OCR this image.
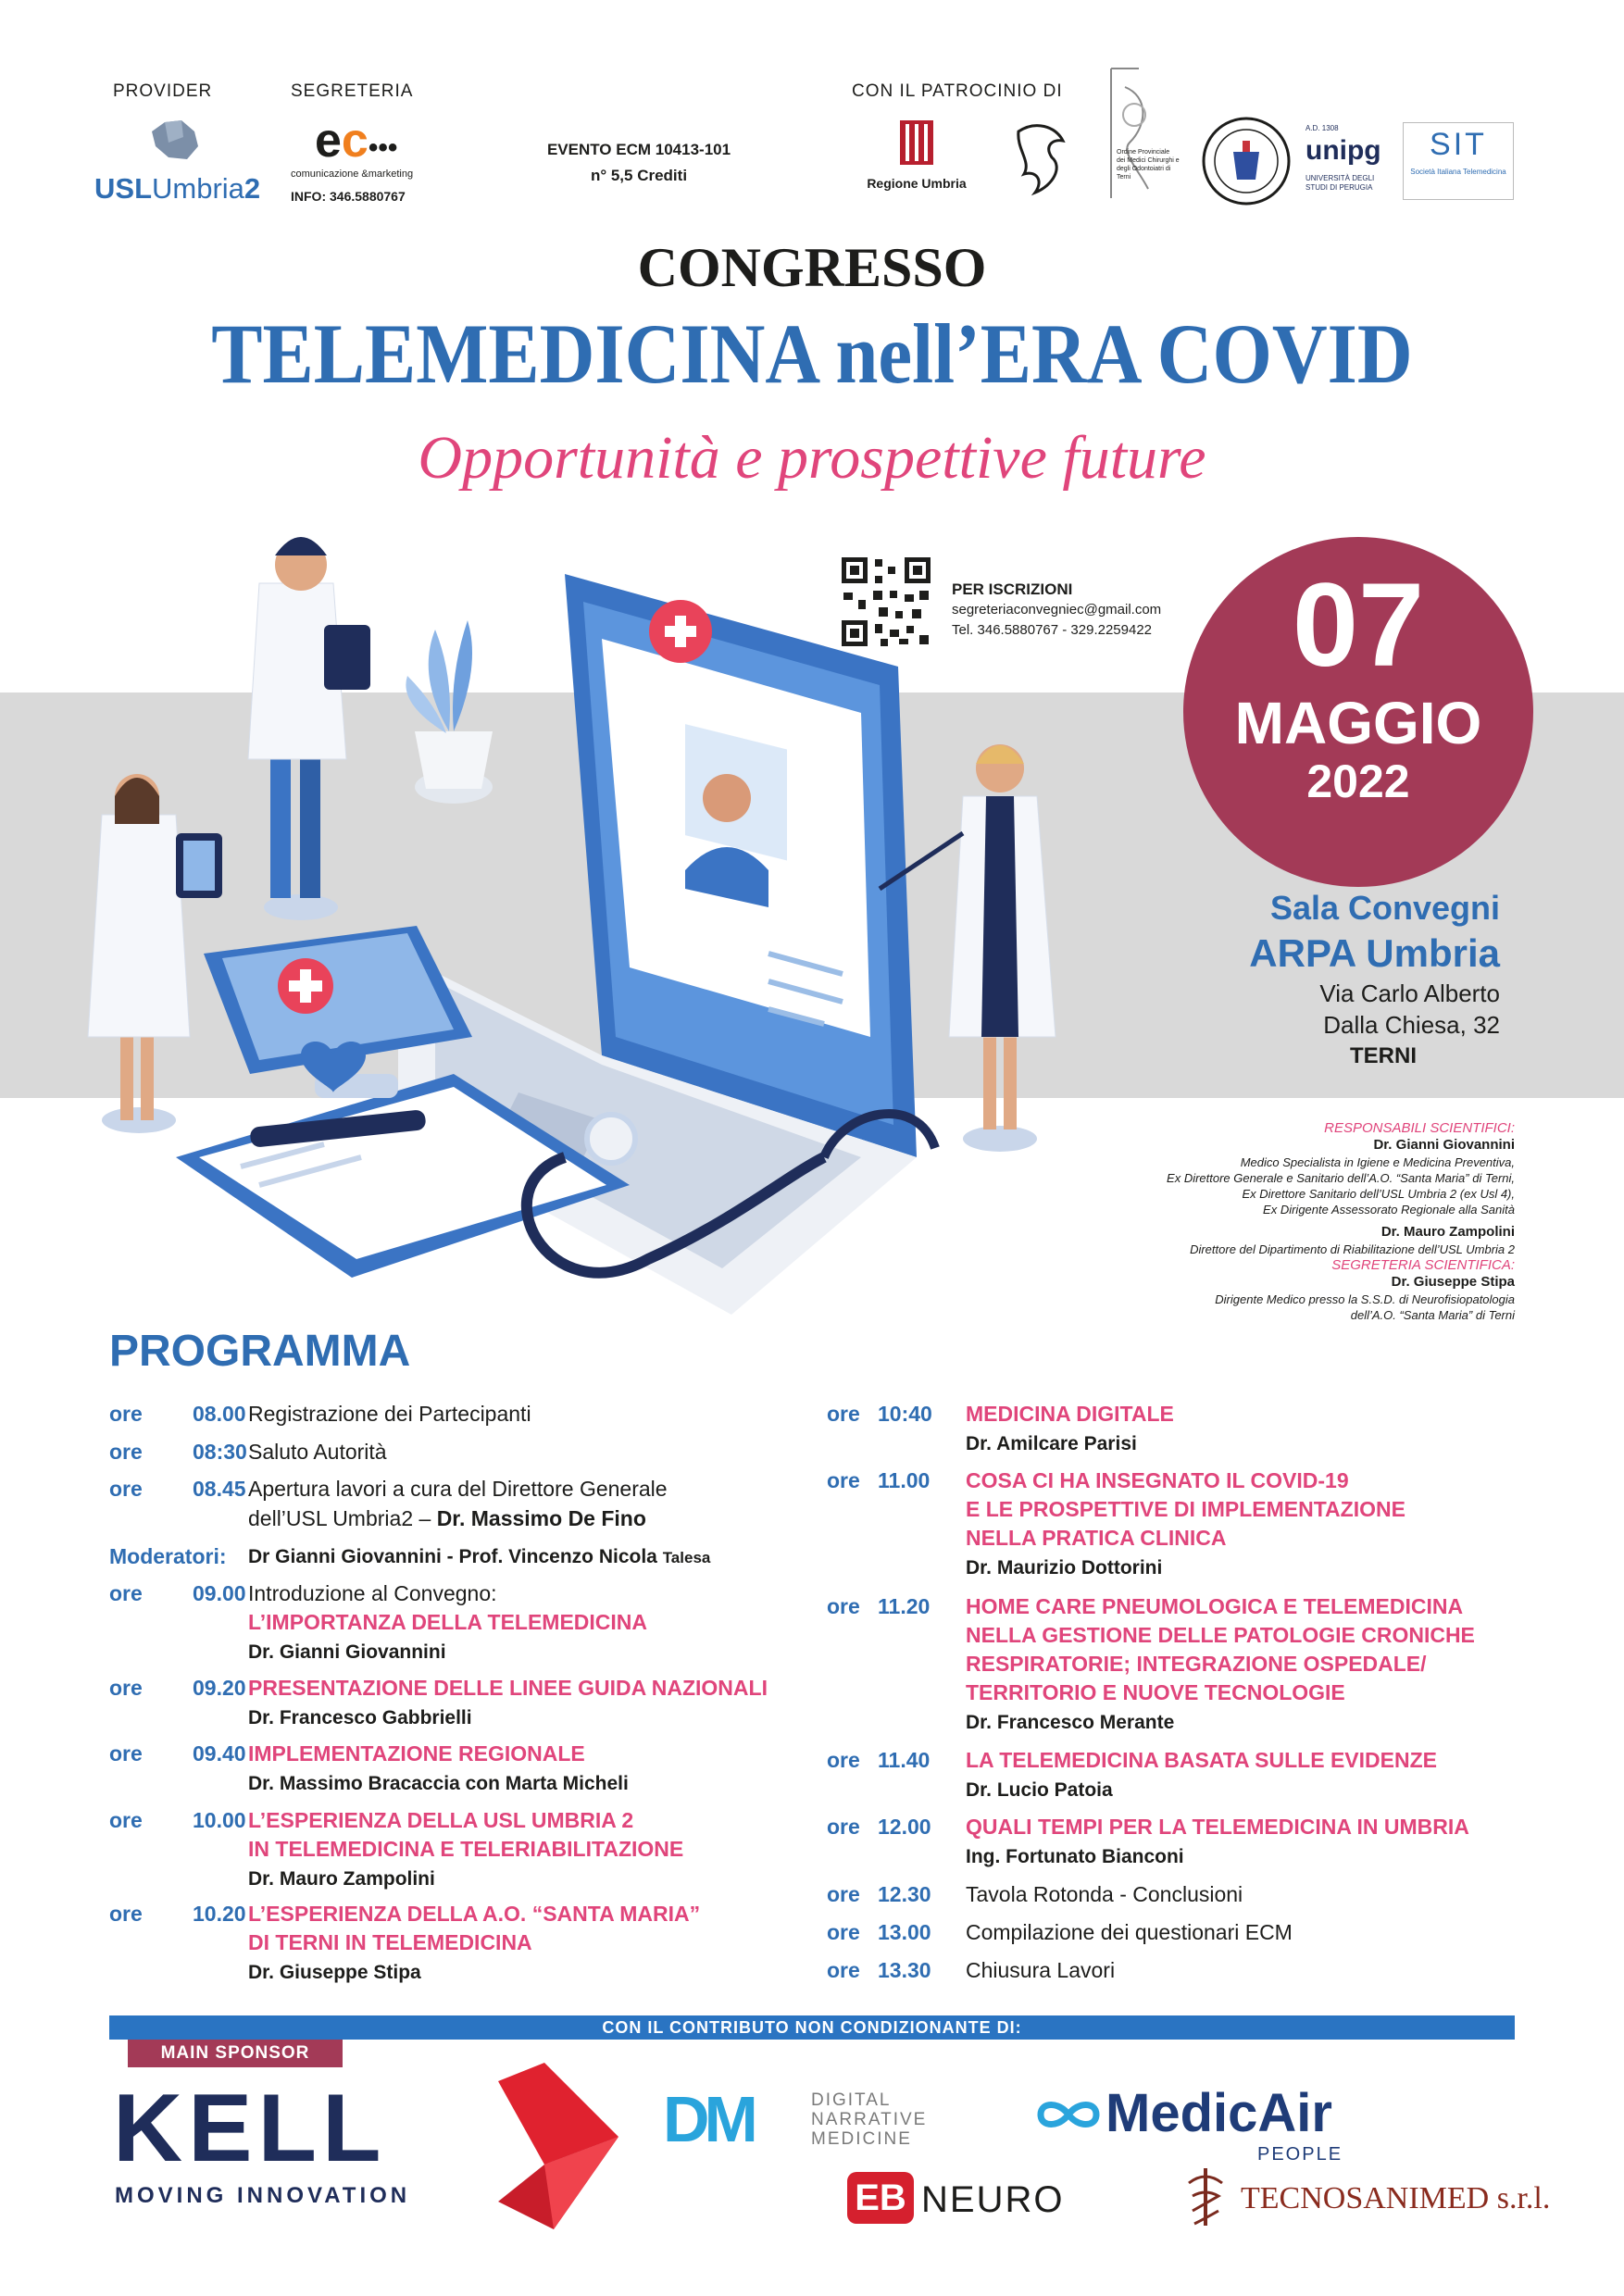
PROVIDER
USLUmbria2
SEGRETERIA
ec•••
comunicazione &marketing
INFO: 346.5880767
EVENTO ECM 10413-101
n° 5,5 Crediti
CON IL PATROCINIO DI
Regione Umbria
Ordine Provinciale dei Medici Chirurghi e degli Odontoiatri di Terni
A.D. 1308
unipg
UNIVERSITÀ DEGLI STUDI DI PERUGIA
SIT
Società Italiana Telemedicina
CONGRESSO
TELEMEDICINA nell’ERA COVID
Opportunità e prospettive future
PER ISCRIZIONI
segreteriaconvegniec@gmail.com
Tel. 346.5880767 - 329.2259422	07
MAGGIO
2022
Sala Convegni
ARPA Umbria
Via Carlo Alberto
Dalla Chiesa, 32
TERNI
RESPONSABILI SCIENTIFICI:
Dr. Gianni Giovannini
Medico Specialista in Igiene e Medicina Preventiva,
Ex Direttore Generale e Sanitario dell’A.O. “Santa Maria” di Terni,
Ex Direttore Sanitario dell’USL Umbria 2 (ex Usl 4),
Ex Dirigente Assessorato Regionale alla Sanità
Dr. Mauro Zampolini
Direttore del Dipartimento di Riabilitazione dell’USL Umbria 2
SEGRETERIA SCIENTIFICA:
Dr. Giuseppe Stipa
Dirigente Medico presso la S.S.D. di Neurofisiopatologia
dell’A.O. “Santa Maria” di Terni
PROGRAMMA
ore 08.00 Registrazione dei Partecipanti
ore 08:30 Saluto Autorità
ore 08.45 Apertura lavori a cura del Direttore Generale
dell’USL Umbria2 – Dr. Massimo De Fino
Moderatori: Dr Gianni Giovannini - Prof. Vincenzo Nicola Talesa
ore 09.00 Introduzione al Convegno:
L’IMPORTANZA DELLA TELEMEDICINA
Dr. Gianni Giovannini
ore 09.20 PRESENTAZIONE DELLE LINEE GUIDA NAZIONALI
Dr. Francesco Gabbrielli
ore 09.40 IMPLEMENTAZIONE REGIONALE
Dr. Massimo Bracaccia con Marta Micheli
ore 10.00 L’ESPERIENZA DELLA USL UMBRIA 2
IN TELEMEDICINA E TELERIABILITAZIONE
Dr. Mauro Zampolini
ore 10.20 L’ESPERIENZA DELLA A.O. “SANTA MARIA”
DI TERNI IN TELEMEDICINA
Dr. Giuseppe Stipa
ore 10:40 MEDICINA DIGITALE
Dr. Amilcare Parisi
ore 11.00 COSA CI HA INSEGNATO IL COVID-19
E LE PROSPETTIVE DI IMPLEMENTAZIONE
NELLA PRATICA CLINICA
Dr. Maurizio Dottorini
ore 11.20 HOME CARE PNEUMOLOGICA E TELEMEDICINA
NELLA GESTIONE DELLE PATOLOGIE CRONICHE
RESPIRATORIE; INTEGRAZIONE OSPEDALE/
TERRITORIO E NUOVE TECNOLOGIE
Dr. Francesco Merante
ore 11.40 LA TELEMEDICINA BASATA SULLE EVIDENZE
Dr. Lucio Patoia
ore 12.00 QUALI TEMPI PER LA TELEMEDICINA IN UMBRIA
Ing. Fortunato Bianconi
ore 12.30 Tavola Rotonda - Conclusioni
ore 13.00 Compilazione dei questionari ECM
ore 13.30 Chiusura Lavori
CON IL CONTRIBUTO NON CONDIZIONANTE DI:
MAIN SPONSOR
KELL
MOVING INNOVATION
DM	DIGITAL
NARRATIVE
MEDICINE	MedicAir
PEOPLE
EB NEURO	TECNOSANIMED s.r.l.
